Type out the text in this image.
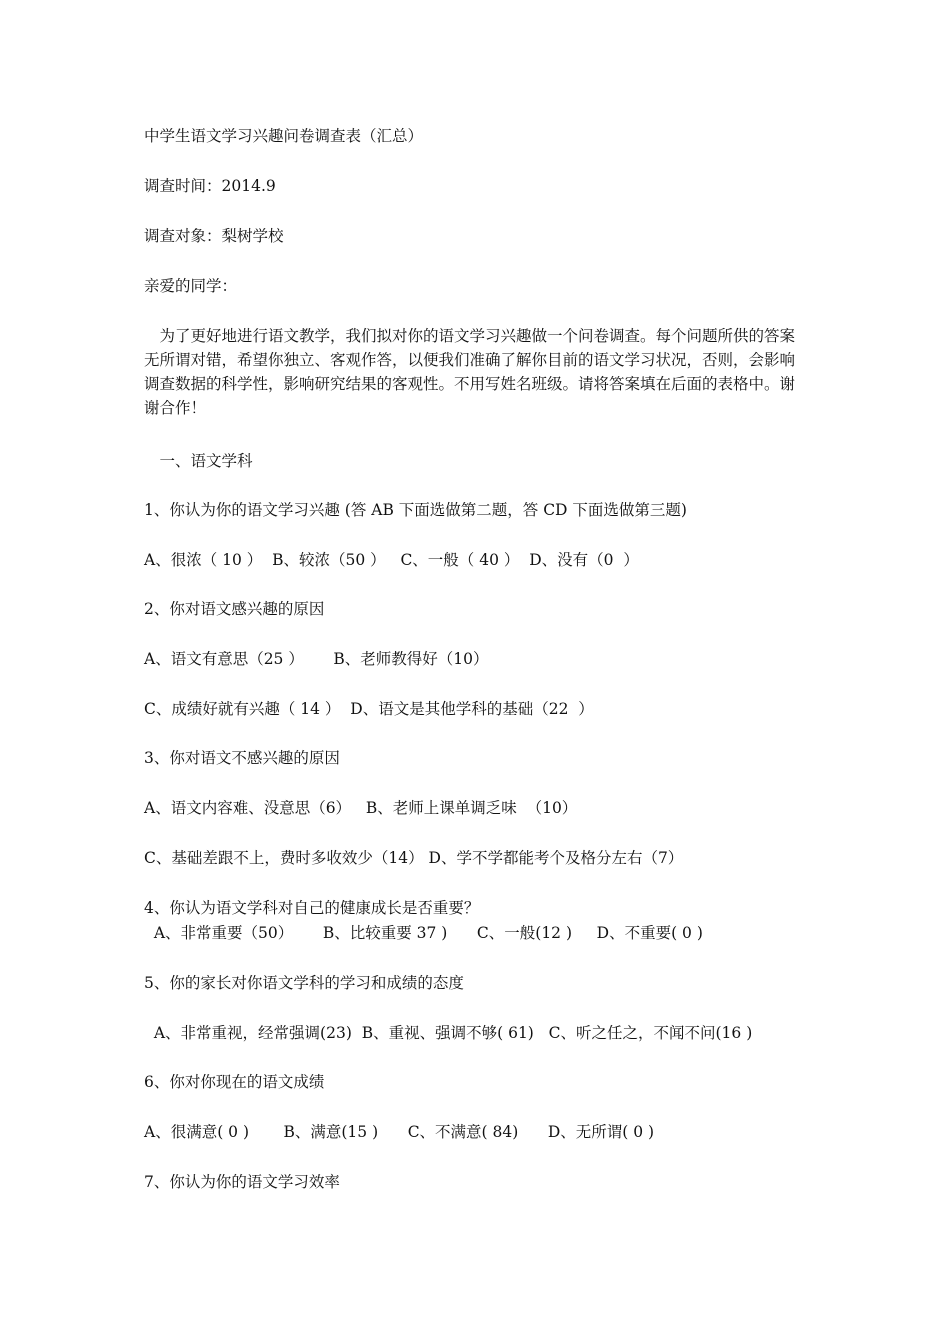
中学生语文学习兴趣问卷调查表（汇总）
调查时间：2014.9
调查对象：梨树学校
亲爱的同学：
　为了更好地进行语文教学，我们拟对你的语文学习兴趣做一个问卷调查。每个问题所供的答案无所谓对错，希望你独立、客观作答，以便我们准确了解你目前的语文学习状况，否则，会影响调查数据的科学性，影响研究结果的客观性。不用写姓名班级。请将答案填在后面的表格中。谢谢合作！
　一、语文学科
1、你认为你的语文学习兴趣 (答 AB 下面选做第二题，答 CD 下面选做第三题)
A、很浓（ 10 ）  B、较浓（50 ）   C、一般（ 40 ）  D、没有（0  ）
2、你对语文感兴趣的原因
A、语文有意思（25 ）      B、老师教得好（10）
C、成绩好就有兴趣（ 14 ）  D、语文是其他学科的基础（22  ）
3、你对语文不感兴趣的原因
A、语文内容难、没意思（6）   B、老师上课单调乏味  （10）
C、基础差跟不上，费时多收效少（14） D、学不学都能考个及格分左右（7）
4、你认为语文学科对自己的健康成长是否重要？
A、非常重要（50）      B、比较重要 37 )      C、一般(12 )     D、不重要( 0 )
5、你的家长对你语文学科的学习和成绩的态度
A、非常重视，经常强调(23)  B、重视、强调不够( 61)   C、听之任之，不闻不问(16 )
6、你对你现在的语文成绩
A、很满意( 0 )       B、满意(15 )      C、不满意( 84)      D、无所谓( 0 )
7、你认为你的语文学习效率
